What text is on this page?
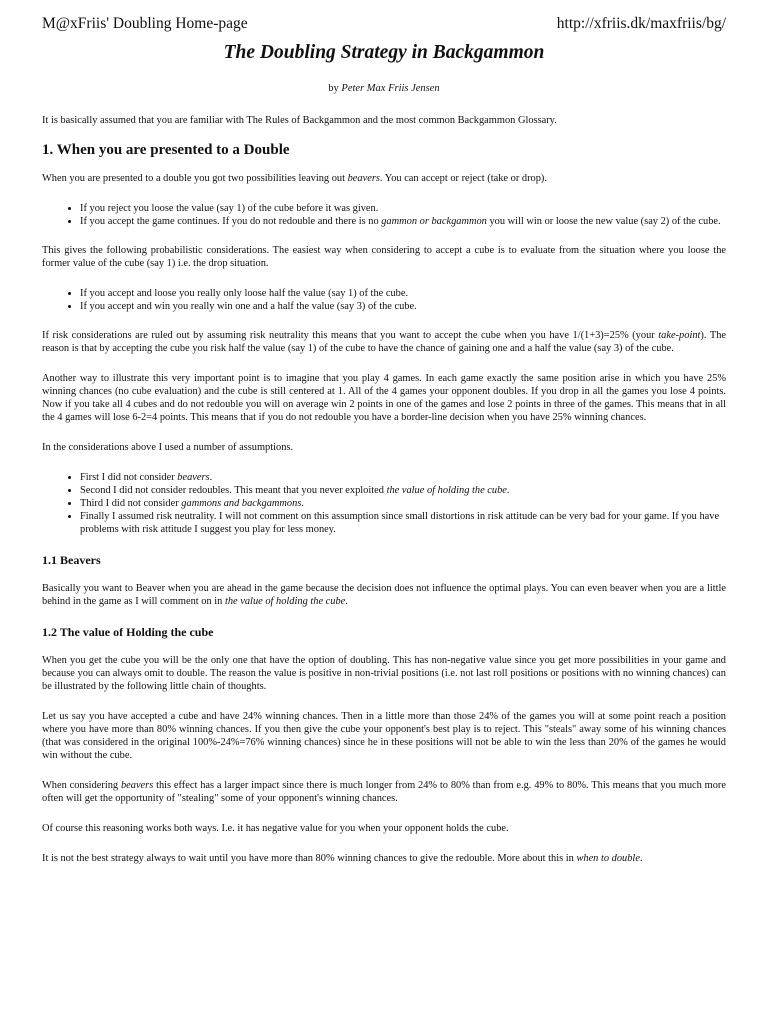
M@xFriis' Doubling Home-page	http://xfriis.dk/maxfriis/bg/
The Doubling Strategy in Backgammon
by Peter Max Friis Jensen

It is basically assumed that you are familiar with The Rules of Backgammon and the most common Backgammon Glossary.

1. When you are presented to a Double

When you are presented to a double you got two possibilities leaving out beavers. You can accept or reject (take or drop).

• If you reject you loose the value (say 1) of the cube before it was given.
• If you accept the game continues. If you do not redouble and there is no gammon or backgammon you will win or loose the new value (say 2) of the cube.

This gives the following probabilistic considerations. The easiest way when considering to accept a cube is to evaluate from the situation where you loose the former value of the cube (say 1) i.e. the drop situation.

• If you accept and loose you really only loose half the value (say 1) of the cube.
• If you accept and win you really win one and a half the value (say 3) of the cube.

If risk considerations are ruled out by assuming risk neutrality this means that you want to accept the cube when you have 1/(1+3)=25% (your take-point). The reason is that by accepting the cube you risk half the value (say 1) of the cube to have the chance of gaining one and a half the value (say 3) of the cube.

Another way to illustrate this very important point is to imagine that you play 4 games. In each game exactly the same position arise in which you have 25% winning chances (no cube evaluation) and the cube is still centered at 1. All of the 4 games your opponent doubles. If you drop in all the games you lose 4 points. Now if you take all 4 cubes and do not redouble you will on average win 2 points in one of the games and lose 2 points in three of the games. This means that in all the 4 games will lose 6-2=4 points. This means that if you do not redouble you have a border-line decision when you have 25% winning chances.

In the considerations above I used a number of assumptions.

• First I did not consider beavers.
• Second I did not consider redoubles. This meant that you never exploited the value of holding the cube.
• Third I did not consider gammons and backgammons.
• Finally I assumed risk neutrality. I will not comment on this assumption since small distortions in risk attitude can be very bad for your game. If you have problems with risk attitude I suggest you play for less money.
1.1 Beavers

Basically you want to Beaver when you are ahead in the game because the decision does not influence the optimal plays. You can even beaver when you are a little behind in the game as I will comment on in the value of holding the cube.

1.2 The value of Holding the cube

When you get the cube you will be the only one that have the option of doubling. This has non-negative value since you get more possibilities in your game and because you can always omit to double. The reason the value is positive in non-trivial positions (i.e. not last roll positions or positions with no winning chances) can be illustrated by the following little chain of thoughts.

Let us say you have accepted a cube and have 24% winning chances. Then in a little more than those 24% of the games you will at some point reach a position where you have more than 80% winning chances. If you then give the cube your opponent's best play is to reject. This "steals" away some of his winning chances (that was considered in the original 100%-24%=76% winning chances) since he in these positions will not be able to win the less than 20% of the games he would win without the cube.

When considering beavers this effect has a larger impact since there is much longer from 24% to 80% than from e.g. 49% to 80%. This means that you much more often will get the opportunity of "stealing" some of your opponent's winning chances.

Of course this reasoning works both ways. I.e. it has negative value for you when your opponent holds the cube.

It is not the best strategy always to wait until you have more than 80% winning chances to give the redouble. More about this in when to double.
